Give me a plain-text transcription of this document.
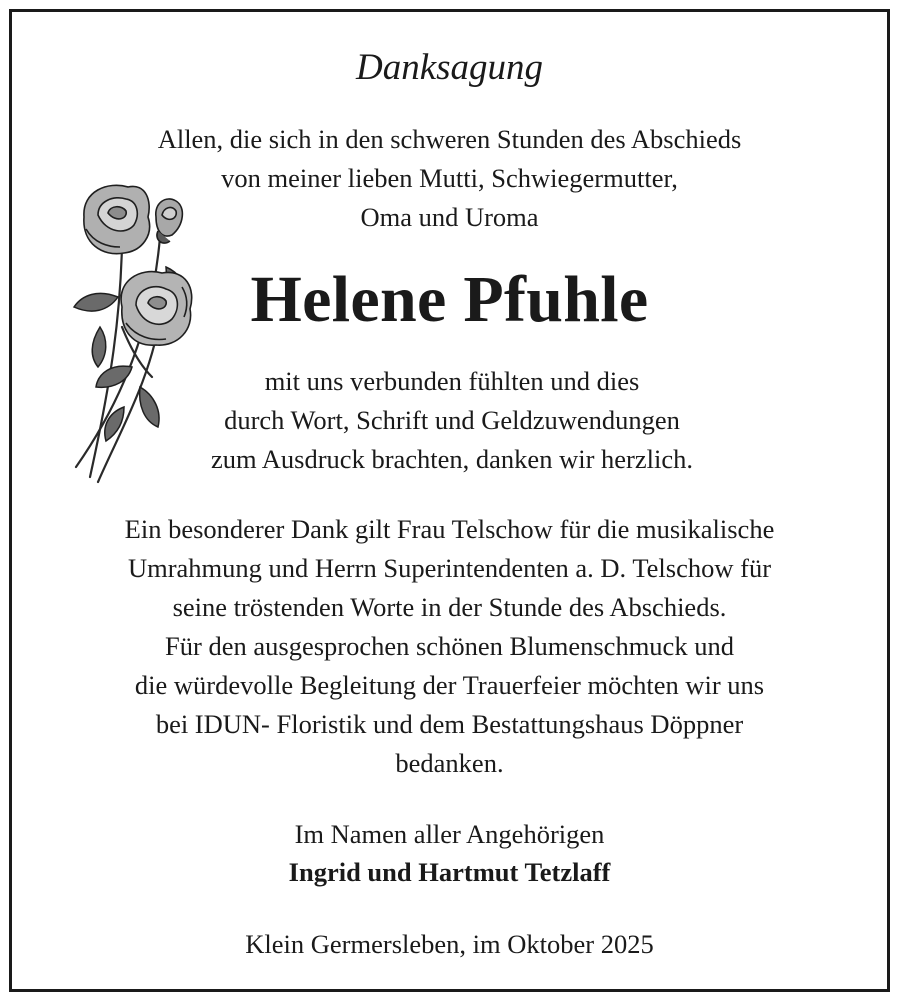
Danksagung
Allen, die sich in den schweren Stunden des Abschieds
von meiner lieben Mutti, Schwiegermutter,
Oma und Uroma
Helene Pfuhle
mit uns verbunden fühlten und dies
durch Wort, Schrift und Geldzuwendungen
zum Ausdruck brachten, danken wir herzlich.
Ein besonderer Dank gilt Frau Telschow für die musikalische
Umrahmung und Herrn Superintendenten a. D. Telschow für
seine tröstenden Worte in der Stunde des Abschieds.
Für den ausgesprochen schönen Blumenschmuck und
die würdevolle Begleitung der Trauerfeier möchten wir uns
bei IDUN- Floristik und dem Bestattungshaus Döppner
bedanken.
Im Namen aller Angehörigen
Ingrid und Hartmut Tetzlaff
Klein Germersleben, im Oktober 2025
